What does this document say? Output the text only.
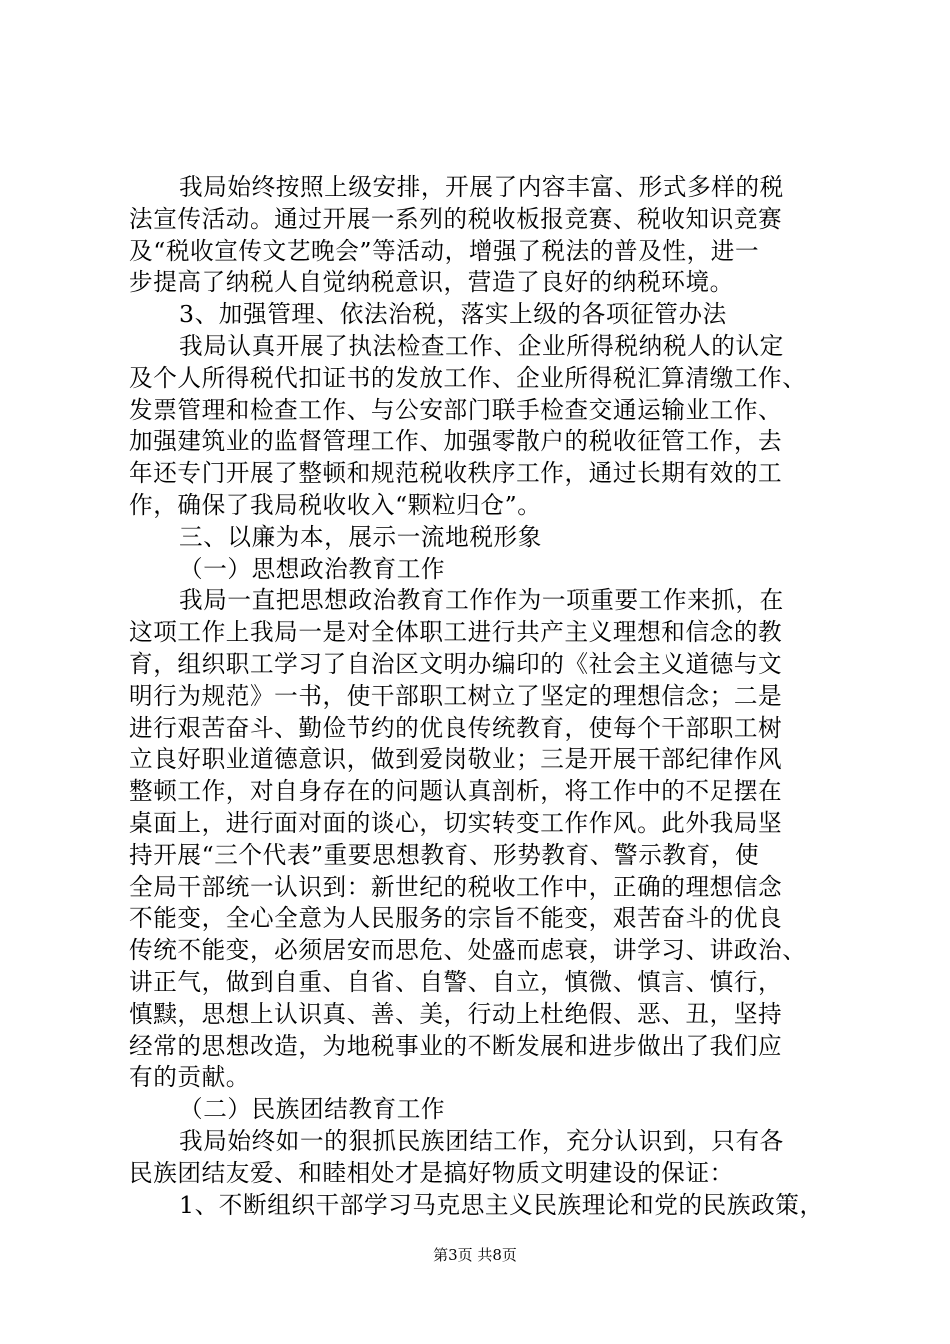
我局始终按照上级安排，开展了内容丰富、形式多样的税
法宣传活动。通过开展一系列的税收板报竞赛、税收知识竞赛
及“税收宣传文艺晚会”等活动，增强了税法的普及性，进一
步提高了纳税人自觉纳税意识，营造了良好的纳税环境。
3、加强管理、依法治税，落实上级的各项征管办法
我局认真开展了执法检查工作、企业所得税纳税人的认定
及个人所得税代扣证书的发放工作、企业所得税汇算清缴工作、
发票管理和检查工作、与公安部门联手检查交通运输业工作、
加强建筑业的监督管理工作、加强零散户的税收征管工作，去
年还专门开展了整顿和规范税收秩序工作，通过长期有效的工
作，确保了我局税收收入“颗粒归仓”。
三、以廉为本，展示一流地税形象
（一）思想政治教育工作
我局一直把思想政治教育工作作为一项重要工作来抓，在
这项工作上我局一是对全体职工进行共产主义理想和信念的教
育，组织职工学习了自治区文明办编印的《社会主义道德与文
明行为规范》一书，使干部职工树立了坚定的理想信念；二是
进行艰苦奋斗、勤俭节约的优良传统教育，使每个干部职工树
立良好职业道德意识，做到爱岗敬业；三是开展干部纪律作风
整顿工作，对自身存在的问题认真剖析，将工作中的不足摆在
桌面上，进行面对面的谈心，切实转变工作作风。此外我局坚
持开展“三个代表”重要思想教育、形势教育、警示教育，使
全局干部统一认识到：新世纪的税收工作中，正确的理想信念
不能变，全心全意为人民服务的宗旨不能变，艰苦奋斗的优良
传统不能变，必须居安而思危、处盛而虑衰，讲学习、讲政治、
讲正气，做到自重、自省、自警、自立，慎微、慎言、慎行，
慎黩，思想上认识真、善、美，行动上杜绝假、恶、丑，坚持
经常的思想改造，为地税事业的不断发展和进步做出了我们应
有的贡献。
（二）民族团结教育工作
我局始终如一的狠抓民族团结工作，充分认识到，只有各
民族团结友爱、和睦相处才是搞好物质文明建设的保证：
1、不断组织干部学习马克思主义民族理论和党的民族政策，
第3页 共8页
